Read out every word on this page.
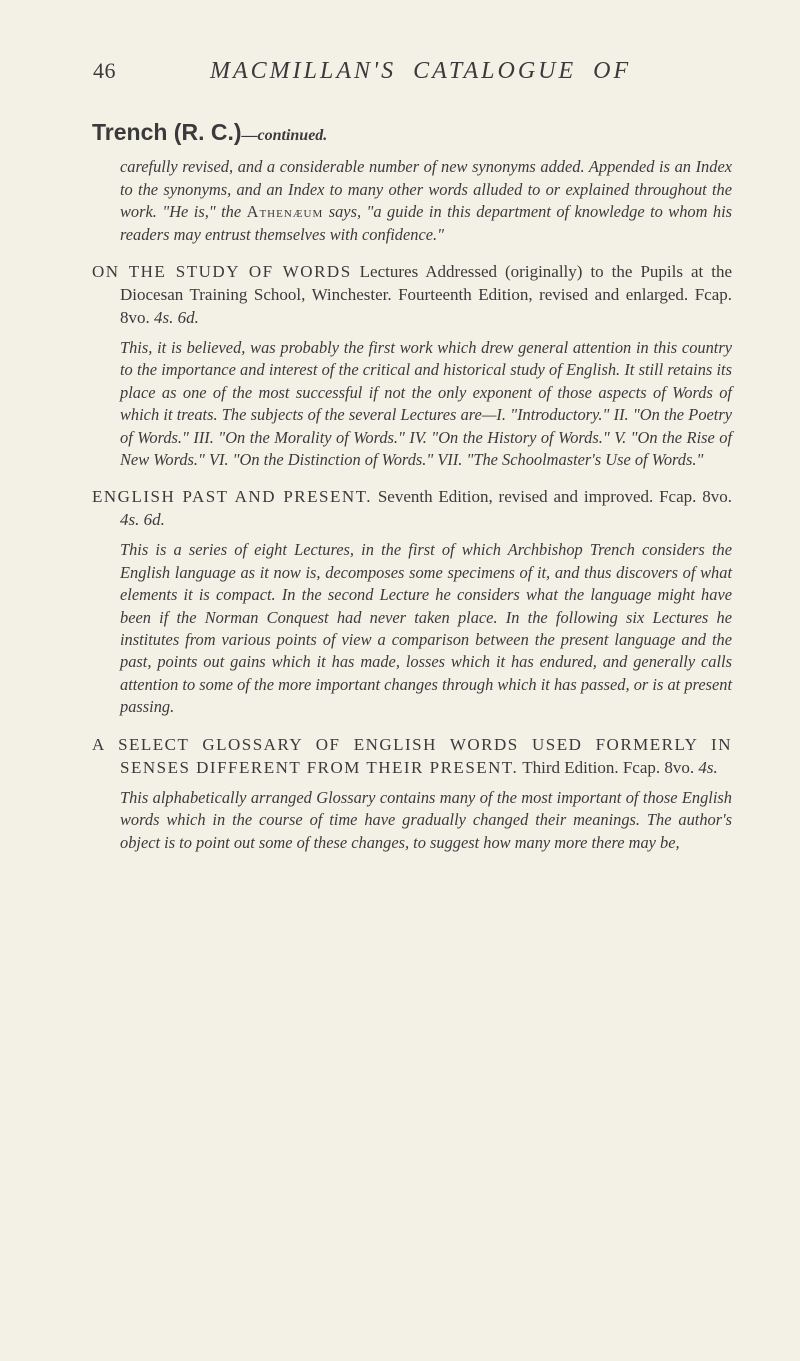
46	MACMILLAN'S CATALOGUE OF
Trench (R. C.)—continued.

carefully revised, and a considerable number of new synonyms added. Appended is an Index to the synonyms, and an Index to many other words alluded to or explained throughout the work. "He is," the Athenæum says, "a guide in this department of knowledge to whom his readers may entrust themselves with confidence."

ON THE STUDY OF WORDS Lectures Addressed (originally) to the Pupils at the Diocesan Training School, Winchester. Fourteenth Edition, revised and enlarged. Fcap. 8vo. 4s. 6d.

This, it is believed, was probably the first work which drew general attention in this country to the importance and interest of the critical and historical study of English. It still retains its place as one of the most successful if not the only exponent of those aspects of Words of which it treats. The subjects of the several Lectures are—I. "Introductory." II. "On the Poetry of Words." III. "On the Morality of Words." IV. "On the History of Words." V. "On the Rise of New Words." VI. "On the Distinction of Words." VII. "The Schoolmaster's Use of Words."

ENGLISH PAST AND PRESENT. Seventh Edition, revised and improved. Fcap. 8vo. 4s. 6d.

This is a series of eight Lectures, in the first of which Archbishop Trench considers the English language as it now is, decomposes some specimens of it, and thus discovers of what elements it is compact. In the second Lecture he considers what the language might have been if the Norman Conquest had never taken place. In the following six Lectures he institutes from various points of view a comparison between the present language and the past, points out gains which it has made, losses which it has endured, and generally calls attention to some of the more important changes through which it has passed, or is at present passing.

A SELECT GLOSSARY OF ENGLISH WORDS USED FORMERLY IN SENSES DIFFERENT FROM THEIR PRESENT. Third Edition. Fcap. 8vo. 4s.

This alphabetically arranged Glossary contains many of the most important of those English words which in the course of time have gradually changed their meanings. The author's object is to point out some of these changes, to suggest how many more there may be,
